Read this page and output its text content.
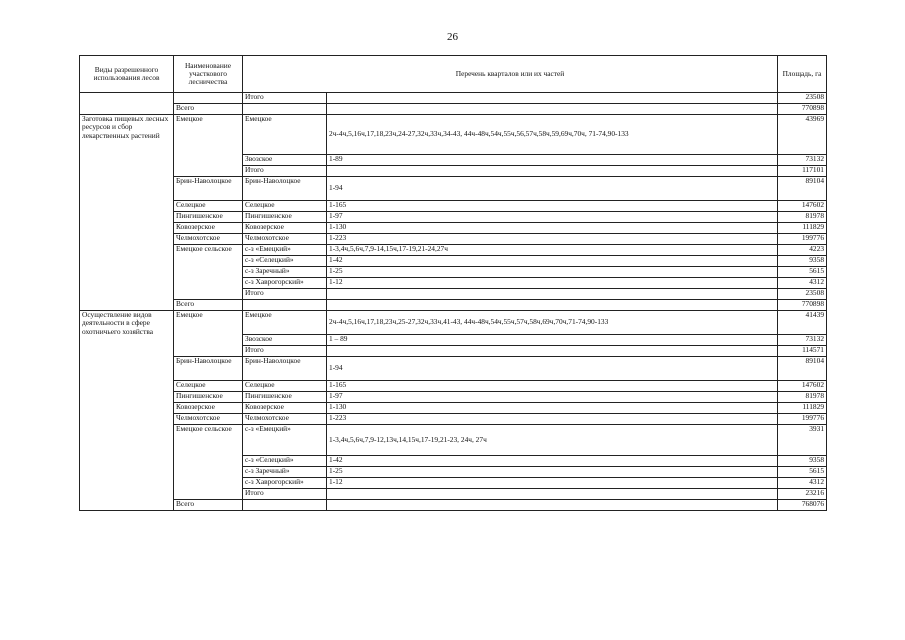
26
Виды разрешенного использования лесов	Наименование участкового лесничества	Перечень кварталов или их частей		Площадь, га
		Итого		23508
	Всего			770898
Заготовка пищевых лесных ресурсов и сбор лекарственных растений	Емецкое	Емецкое	2ч-4ч,5,16ч,17,18,23ч,24-27,32ч,33ч,34-43, 44ч-48ч,54ч,55ч,56,57ч,58ч,59,69ч,70ч, 71-74,90-133	43969
		Звозское	1-89	73132
		Итого		117101
	Брин-Наволоцкое	Брин-Наволоцкое	1-94	89104
	Селецкое	Селецкое	1-165	147602
	Пингишенское	Пингишенское	1-97	81978
	Ковозерское	Ковозерское	1-130	111829
	Челмохотское	Челмохотское	1-223	199776
	Емецкое сельское	с-з «Емецкий»	1-3,4ч,5,6ч,7,9-14,15ч,17-19,21-24,27ч	4223
		с-з «Селецкий»	1-42	9358
		с-з Заречный»	1-25	5615
		с-з Хаврогорский»	1-12	4312
		Итого		23508
	Всего			770898
Осуществление видов деятельности в сфере охотничьего хозяйства	Емецкое	Емецкое	2ч-4ч,5,16ч,17,18,23ч,25-27,32ч,33ч,41-43, 44ч-48ч,54ч,55ч,57ч,58ч,69ч,70ч,71-74,90-133	41439
		Звозское	1 – 89	73132
		Итого		114571
	Брин-Наволоцкое	Брин-Наволоцкое	1-94	89104
	Селецкое	Селецкое	1-165	147602
	Пингишенское	Пингишенское	1-97	81978
	Ковозерское	Ковозерское	1-130	111829
	Челмохотское	Челмохотское	1-223	199776
	Емецкое сельское	с-з «Емецкий»	1-3,4ч,5,6ч,7,9-12,13ч,14,15ч,17-19,21-23, 24ч, 27ч	3931
		с-з «Селецкий»	1-42	9358
		с-з Заречный»	1-25	5615
		с-з Хаврогорский»	1-12	4312
		Итого		23216
	Всего			768076
